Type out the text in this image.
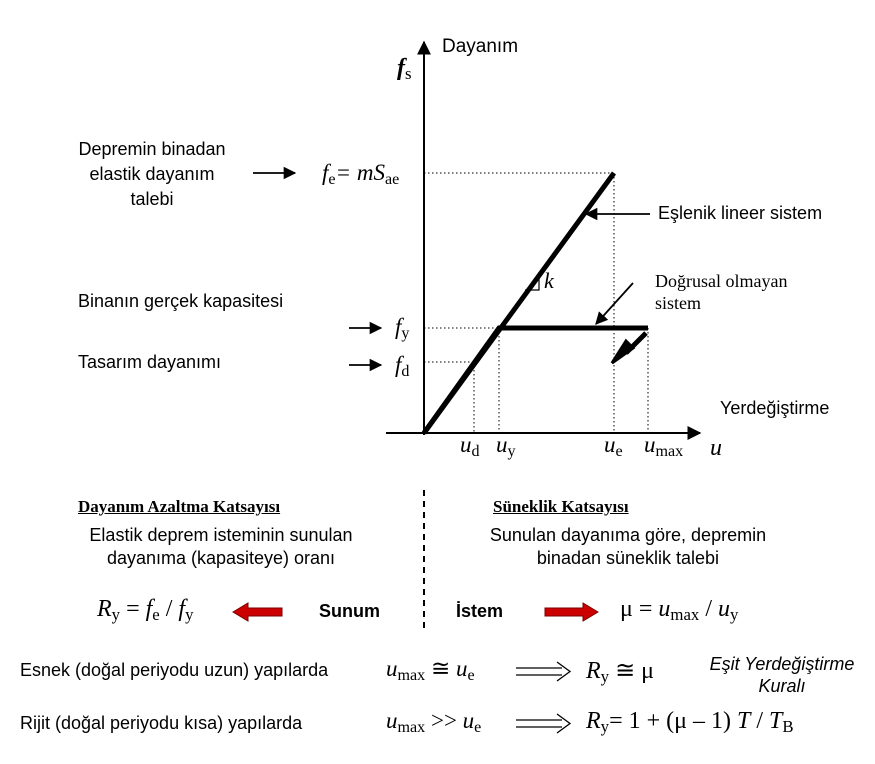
$f_s$
Dayanım
u
Yerdeğiştirme
$f_e= mS_{ae}$
$f_y$
$f_d$
$u_d$ $u_y$	$u_e$ $u_{max}$
k
Depremin binadan
elastik dayanım
talebi
Binanın gerçek kapasitesi
Tasarım dayanımı
Eşlenik lineer sistem
Doğrusal olmayan
sistem
Dayanım Azaltma Katsayısı
Elastik deprem isteminin sunulan
dayanıma (kapasiteye) oranı
Süneklik Katsayısı
Sunulan dayanıma göre, depremin
binadan süneklik talebi
$R_y = f_e / f_y$	Sunum	İstem	$\mu = u_{max} / u_y$
Esnek (doğal periyodu uzun) yapılarda	$u_{max}$ ≅ $u_e$	$R_y$ ≅ μ	Eşit Yerdeğiştirme
Kuralı
Rijit (doğal periyodu kısa) yapılarda	$u_{max} >> u_e$	$R_y= 1 + (\mu - 1)$ T / $T_B$
